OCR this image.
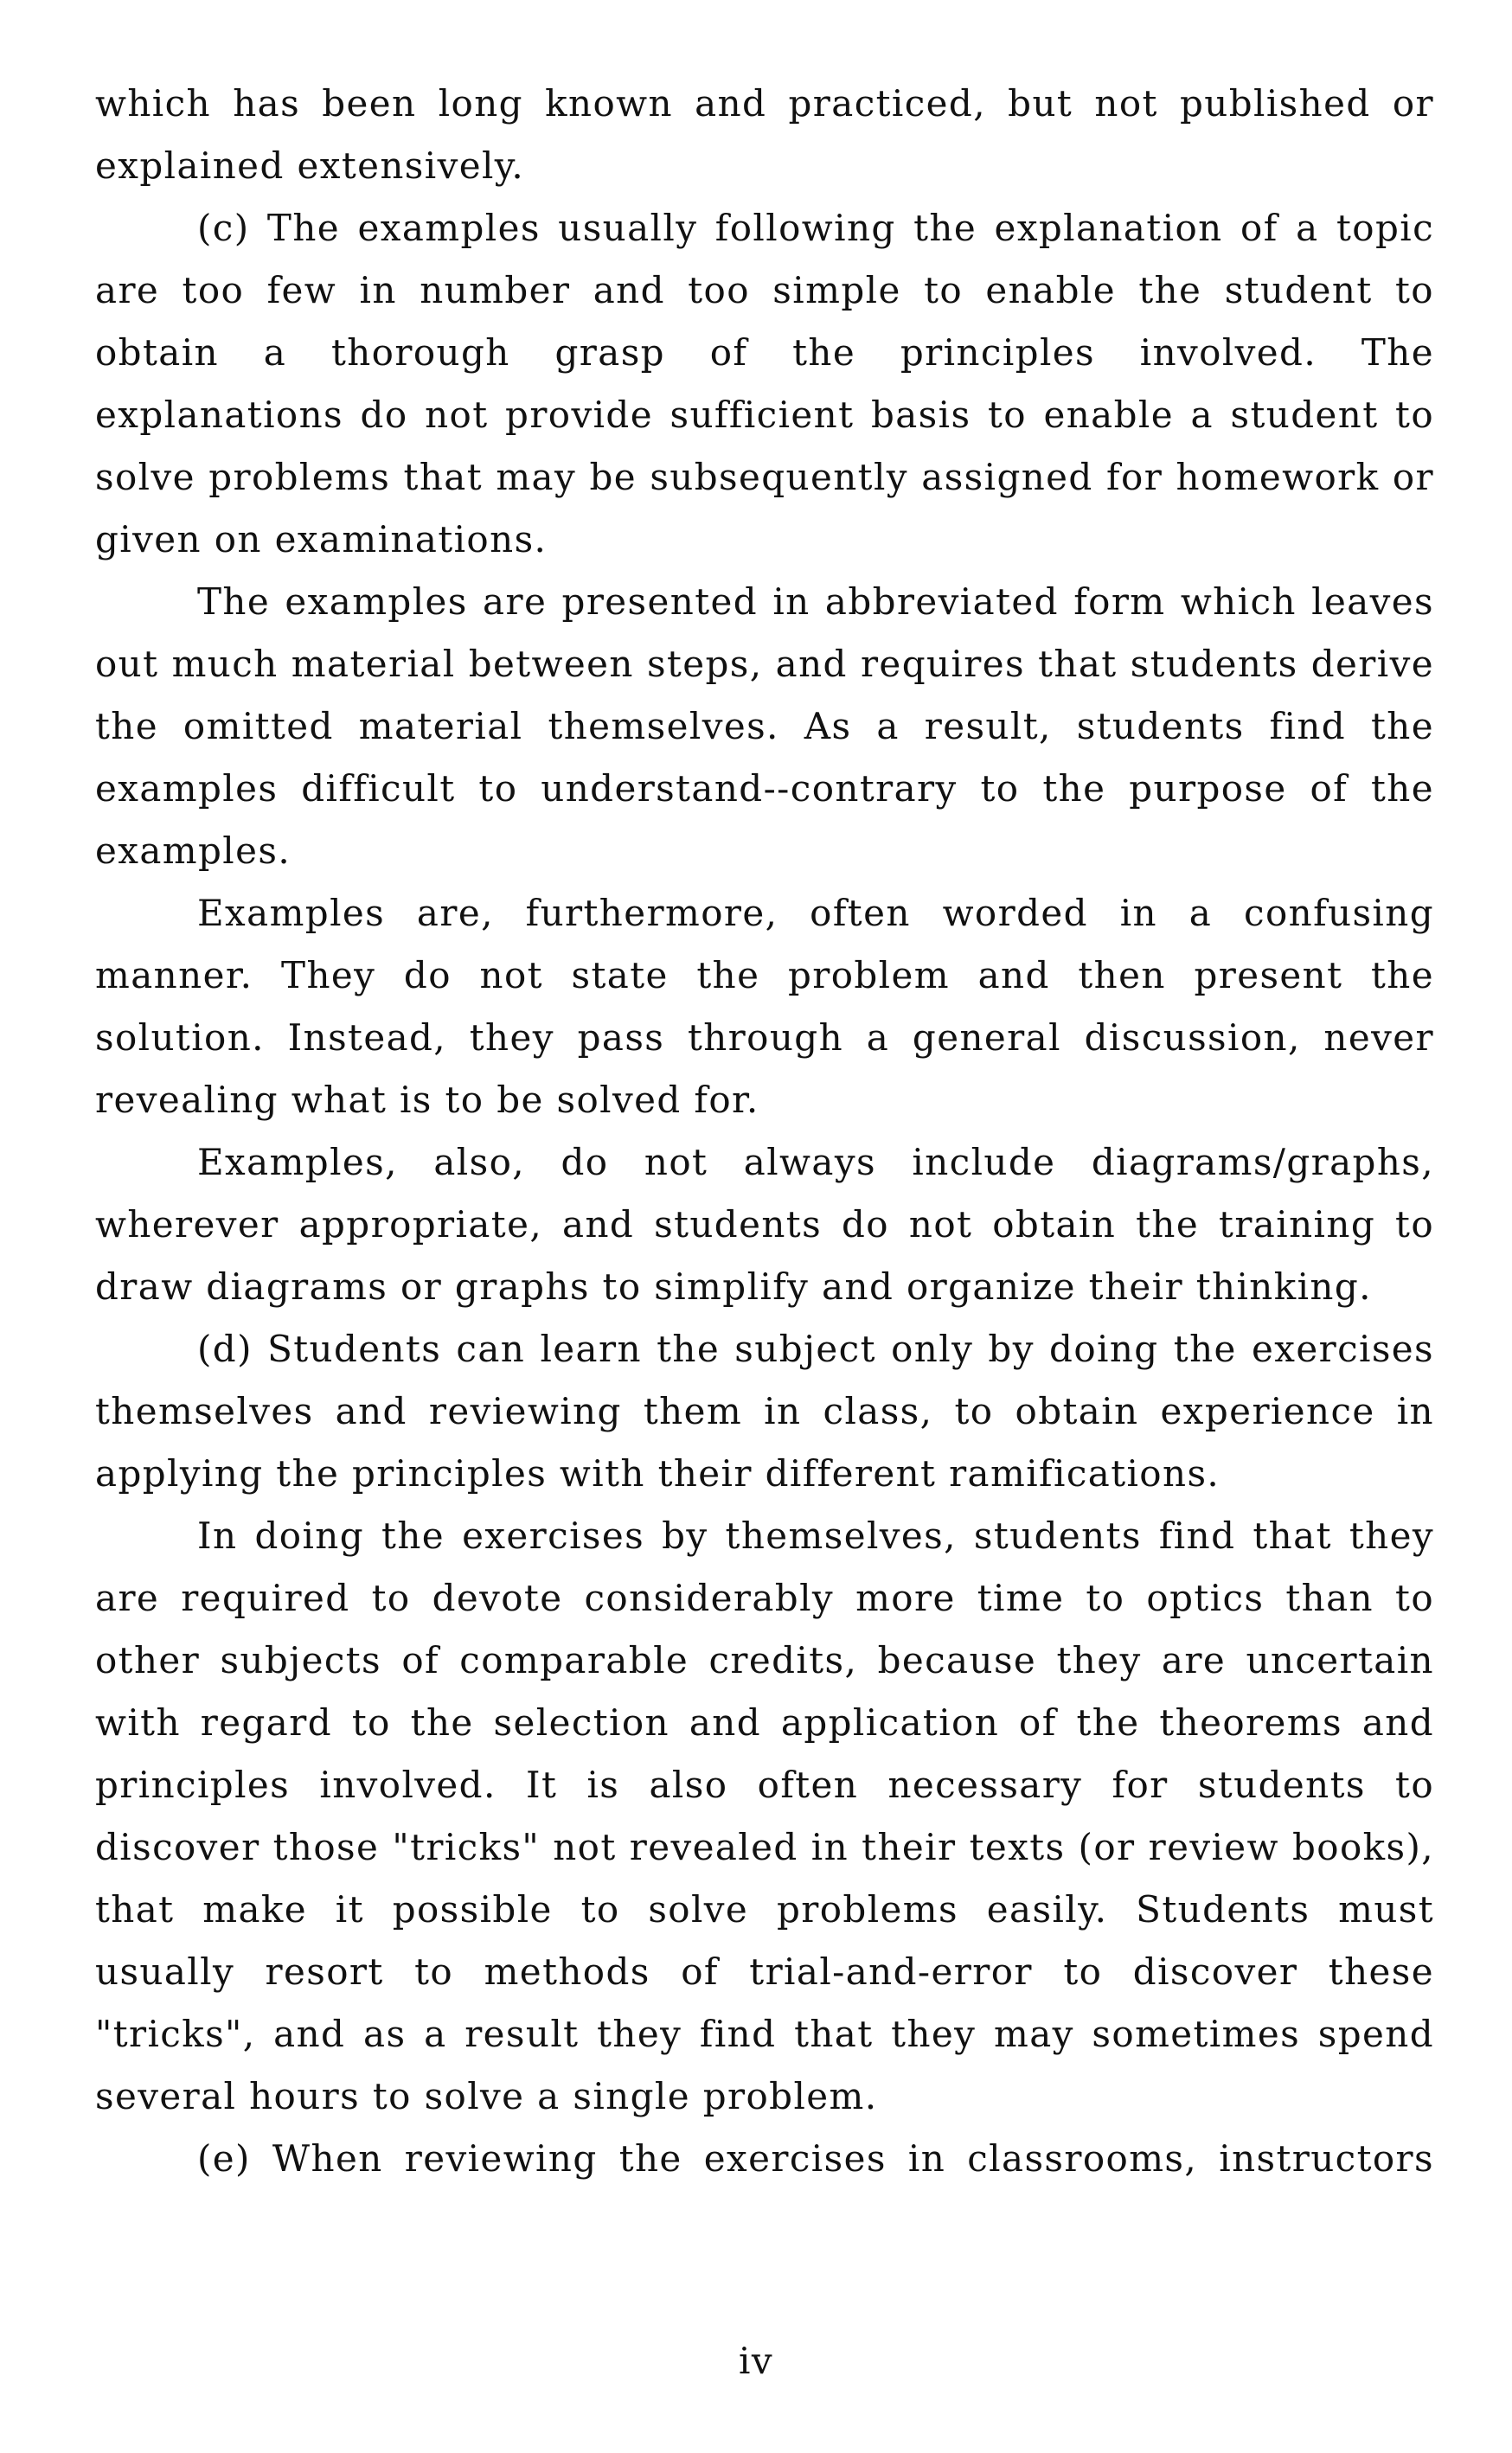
which has been long known and practiced, but not published or explained extensively.

(c) The examples usually following the explanation of a topic are too few in number and too simple to enable the student to obtain a thorough grasp of the principles involved. The explanations do not provide sufficient basis to enable a student to solve problems that may be subsequently assigned for homework or given on examinations.

The examples are presented in abbreviated form which leaves out much material between steps, and requires that students derive the omitted material themselves. As a result, students find the examples difficult to understand--contrary to the purpose of the examples.

Examples are, furthermore, often worded in a confusing manner. They do not state the problem and then present the solution. Instead, they pass through a general discussion, never revealing what is to be solved for.

Examples, also, do not always include diagrams/graphs, wherever appropriate, and students do not obtain the training to draw diagrams or graphs to simplify and organize their thinking.

(d) Students can learn the subject only by doing the exercises themselves and reviewing them in class, to obtain experience in applying the principles with their different ramifications.

In doing the exercises by themselves, students find that they are required to devote considerably more time to optics than to other subjects of comparable credits, because they are uncertain with regard to the selection and application of the theorems and principles involved. It is also often necessary for students to discover those "tricks" not revealed in their texts (or review books), that make it possible to solve problems easily. Students must usually resort to methods of trial-and-error to discover these "tricks", and as a result they find that they may sometimes spend several hours to solve a single problem.

(e) When reviewing the exercises in classrooms, instructors

iv
